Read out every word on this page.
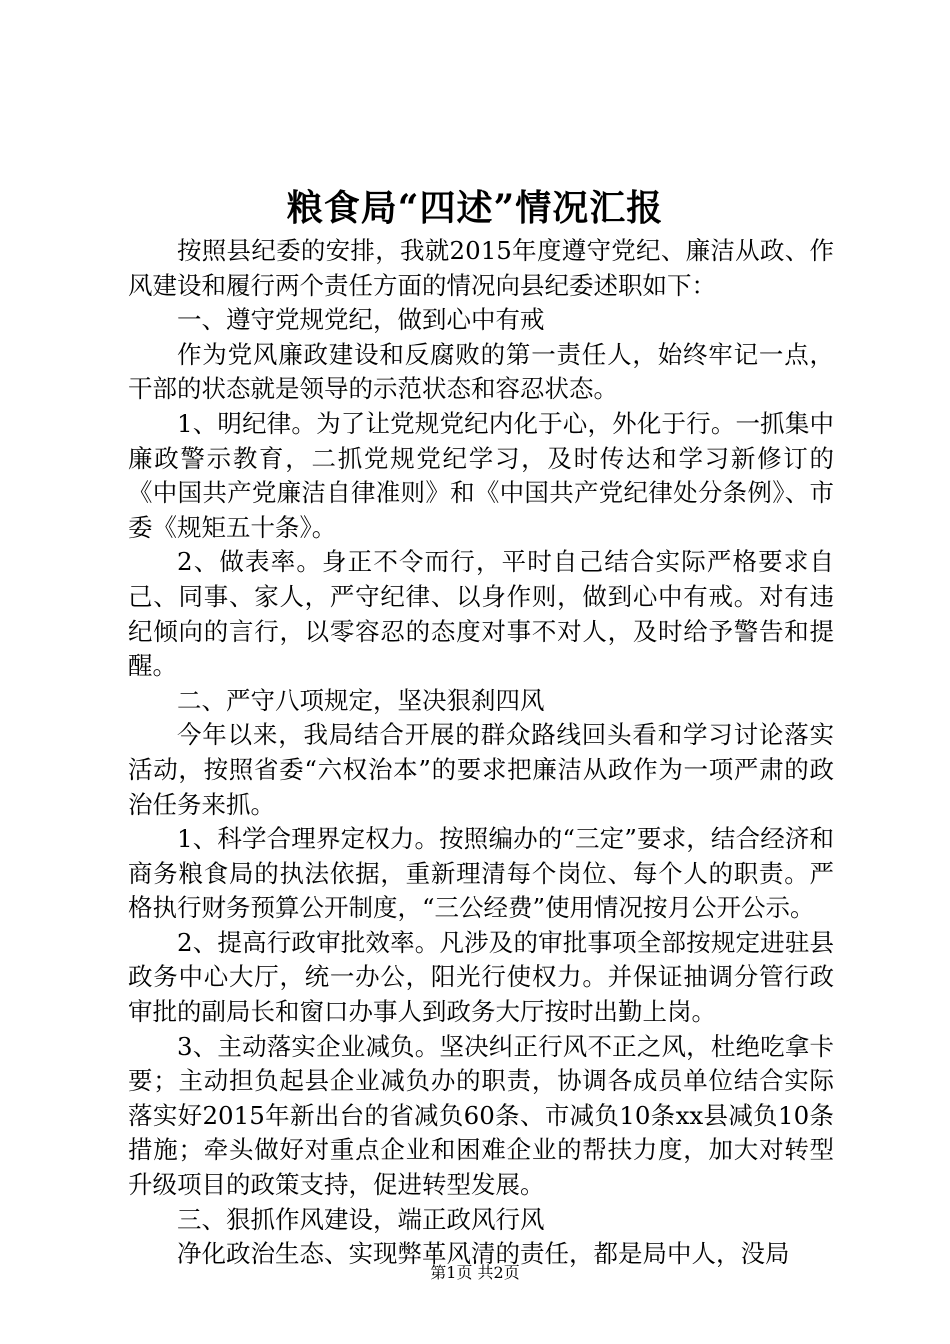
粮食局“四述”情况汇报

按照县纪委的安排，我就2015年度遵守党纪、廉洁从政、作风建设和履行两个责任方面的情况向县纪委述职如下：

一、遵守党规党纪，做到心中有戒

作为党风廉政建设和反腐败的第一责任人，始终牢记一点，干部的状态就是领导的示范状态和容忍状态。

1、明纪律。为了让党规党纪内化于心，外化于行。一抓集中廉政警示教育，二抓党规党纪学习，及时传达和学习新修订的《中国共产党廉洁自律准则》和《中国共产党纪律处分条例》、市委《规矩五十条》。

2、做表率。身正不令而行，平时自己结合实际严格要求自己、同事、家人，严守纪律、以身作则，做到心中有戒。对有违纪倾向的言行，以零容忍的态度对事不对人，及时给予警告和提醒。

二、严守八项规定，坚决狠刹四风

今年以来，我局结合开展的群众路线回头看和学习讨论落实活动，按照省委“六权治本”的要求把廉洁从政作为一项严肃的政治任务来抓。

1、科学合理界定权力。按照编办的“三定”要求，结合经济和商务粮食局的执法依据，重新理清每个岗位、每个人的职责。严格执行财务预算公开制度，“三公经费”使用情况按月公开公示。

2、提高行政审批效率。凡涉及的审批事项全部按规定进驻县政务中心大厅，统一办公，阳光行使权力。并保证抽调分管行政审批的副局长和窗口办事人到政务大厅按时出勤上岗。

3、主动落实企业减负。坚决纠正行风不正之风，杜绝吃拿卡要；主动担负起县企业减负办的职责，协调各成员单位结合实际落实好2015年新出台的省减负60条、市减负10条xx县减负10条措施；牵头做好对重点企业和困难企业的帮扶力度，加大对转型升级项目的政策支持，促进转型发展。

三、狠抓作风建设，端正政风行风

净化政治生态、实现弊革风清的责任，都是局中人，没局

第1页 共2页
